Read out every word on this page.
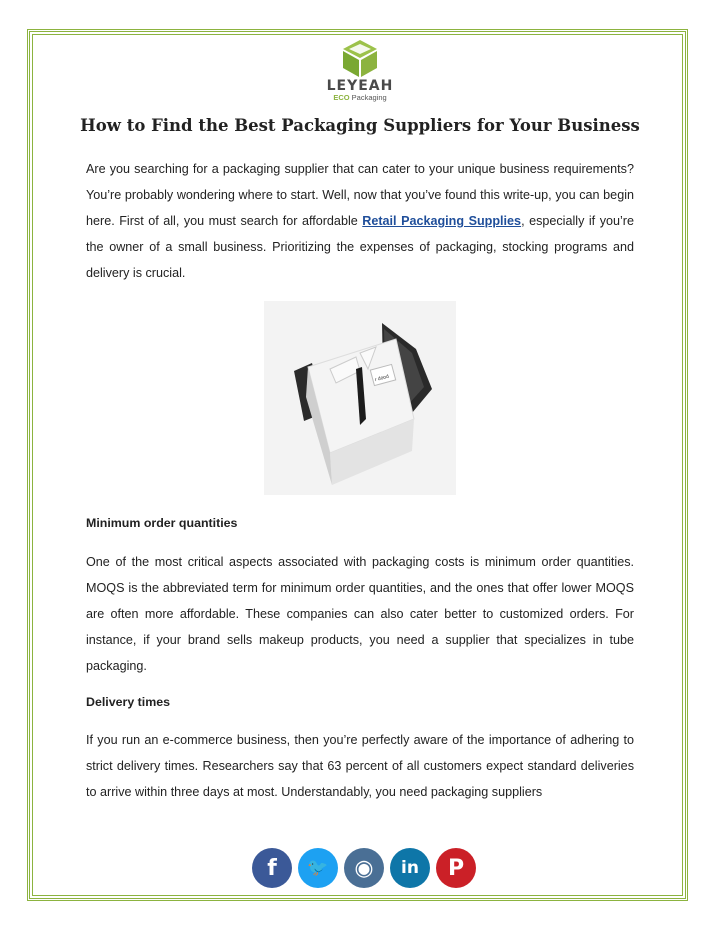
LEYEAH
ECO Packaging
How to Find the Best Packaging Suppliers for Your Business

Are you searching for a packaging supplier that can cater to your unique business requirements? You’re probably wondering where to start. Well, now that you’ve found this write-up, you can begin here. First of all, you must search for affordable Retail Packaging Supplies, especially if you’re the owner of a small business. Prioritizing the expenses of packaging, stocking programs and delivery is crucial.

r dood

Minimum order quantities

One of the most critical aspects associated with packaging costs is minimum order quantities. MOQS is the abbreviated term for minimum order quantities, and the ones that offer lower MOQS are often more affordable. These companies can also cater better to customized orders. For instance, if your brand sells makeup products, you need a supplier that specializes in tube packaging.

Delivery times

If you run an e-commerce business, then you’re perfectly aware of the importance of adhering to strict delivery times. Researchers say that 63 percent of all customers expect standard deliveries to arrive within three days at most. Understandably, you need packaging suppliers

f	🐦	◉	in	P
